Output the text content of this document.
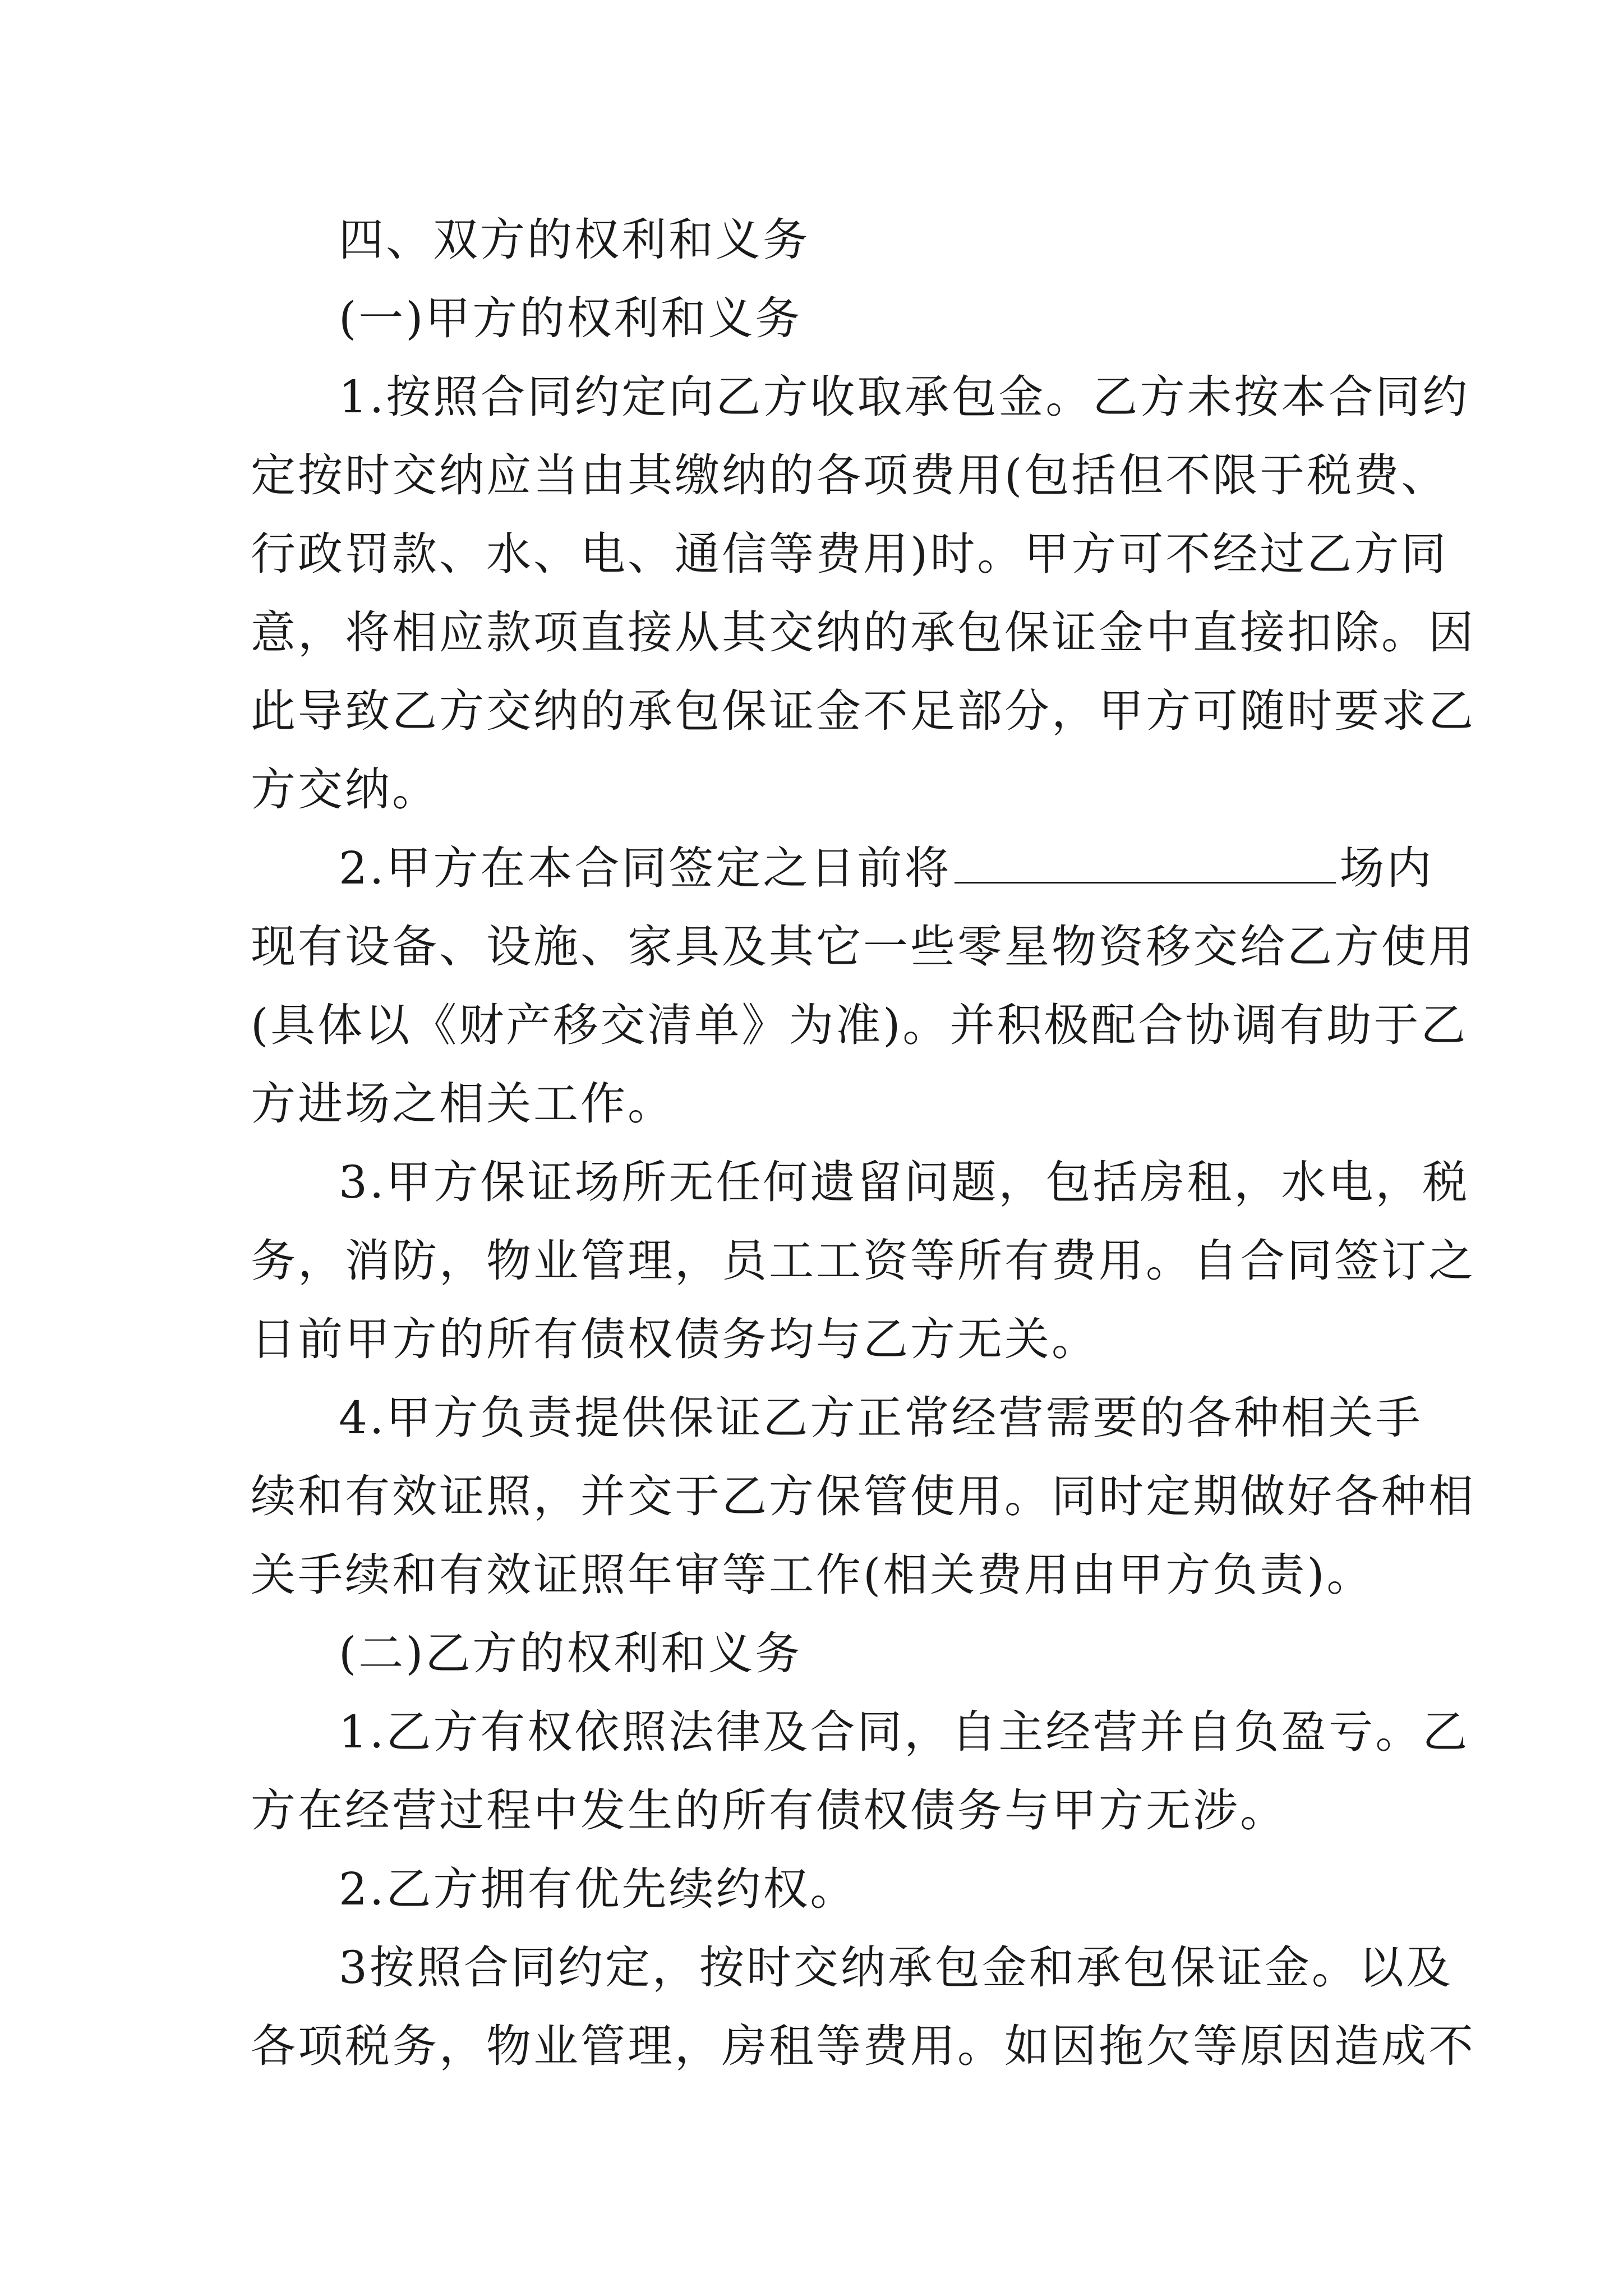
四、双方的权利和义务
(一)甲方的权利和义务
1.按照合同约定向乙方收取承包金。乙方未按本合同约
定按时交纳应当由其缴纳的各项费用(包括但不限于税费、
行政罚款、水、电、通信等费用)时。甲方可不经过乙方同
意，将相应款项直接从其交纳的承包保证金中直接扣除。因
此导致乙方交纳的承包保证金不足部分，甲方可随时要求乙
方交纳。
2.甲方在本合同签定之日前将	场内
现有设备、设施、家具及其它一些零星物资移交给乙方使用
(具体以《财产移交清单》为准)。并积极配合协调有助于乙
方进场之相关工作。
3.甲方保证场所无任何遗留问题，包括房租，水电，税
务，消防，物业管理，员工工资等所有费用。自合同签订之
日前甲方的所有债权债务均与乙方无关。
4.甲方负责提供保证乙方正常经营需要的各种相关手
续和有效证照，并交于乙方保管使用。同时定期做好各种相
关手续和有效证照年审等工作(相关费用由甲方负责)。
(二)乙方的权利和义务
1.乙方有权依照法律及合同，自主经营并自负盈亏。乙
方在经营过程中发生的所有债权债务与甲方无涉。
2.乙方拥有优先续约权。
3按照合同约定，按时交纳承包金和承包保证金。以及
各项税务，物业管理，房租等费用。如因拖欠等原因造成不
